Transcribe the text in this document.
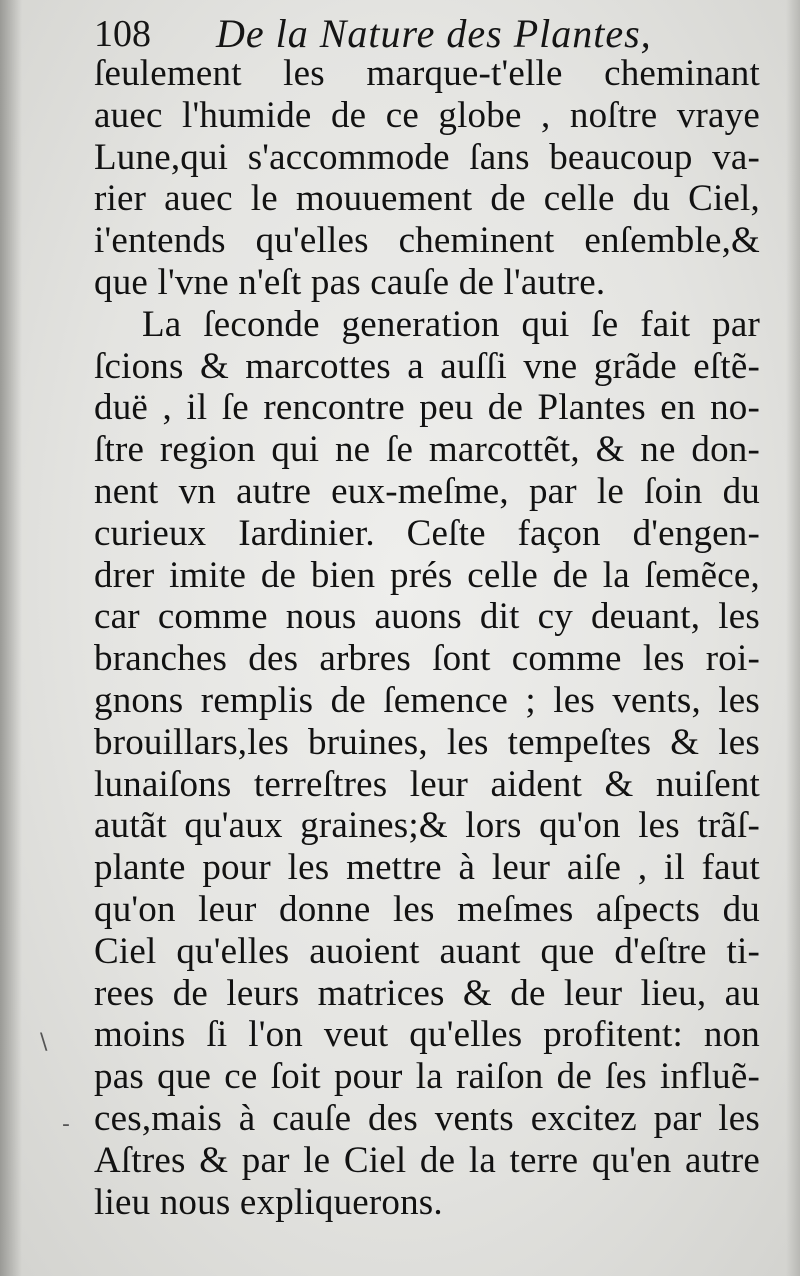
108 De la Nature des Plantes,
ſeulement les marque-t'elle cheminant
auec l'humide de ce globe , noſtre vraye
Lune,qui s'accommode ſans beaucoup va-
rier auec le mouuement de celle du Ciel,
i'entends qu'elles cheminent enſemble,&
que l'vne n'eſt pas cauſe de l'autre.
La ſeconde generation qui ſe fait par
ſcions & marcottes a auſſi vne grãde eſtẽ-
duë , il ſe rencontre peu de Plantes en no-
ſtre region qui ne ſe marcottẽt, & ne don-
nent vn autre eux-meſme, par le ſoin du
curieux Iardinier. Ceſte façon d'engen-
drer imite de bien prés celle de la ſemẽce,
car comme nous auons dit cy deuant, les
branches des arbres ſont comme les roi-
gnons remplis de ſemence ; les vents, les
brouillars,les bruines, les tempeſtes & les
lunaiſons terreſtres leur aident & nuiſent
autãt qu'aux graines;& lors qu'on les trãſ-
plante pour les mettre à leur aiſe , il faut
qu'on leur donne les meſmes aſpects du
Ciel qu'elles auoient auant que d'eſtre ti-
rees de leurs matrices & de leur lieu, au
moins ſi l'on veut qu'elles profitent: non
pas que ce ſoit pour la raiſon de ſes influẽ-
ces,mais à cauſe des vents excitez par les
Aſtres & par le Ciel de la terre qu'en autre
lieu nous expliquerons.
\
-
